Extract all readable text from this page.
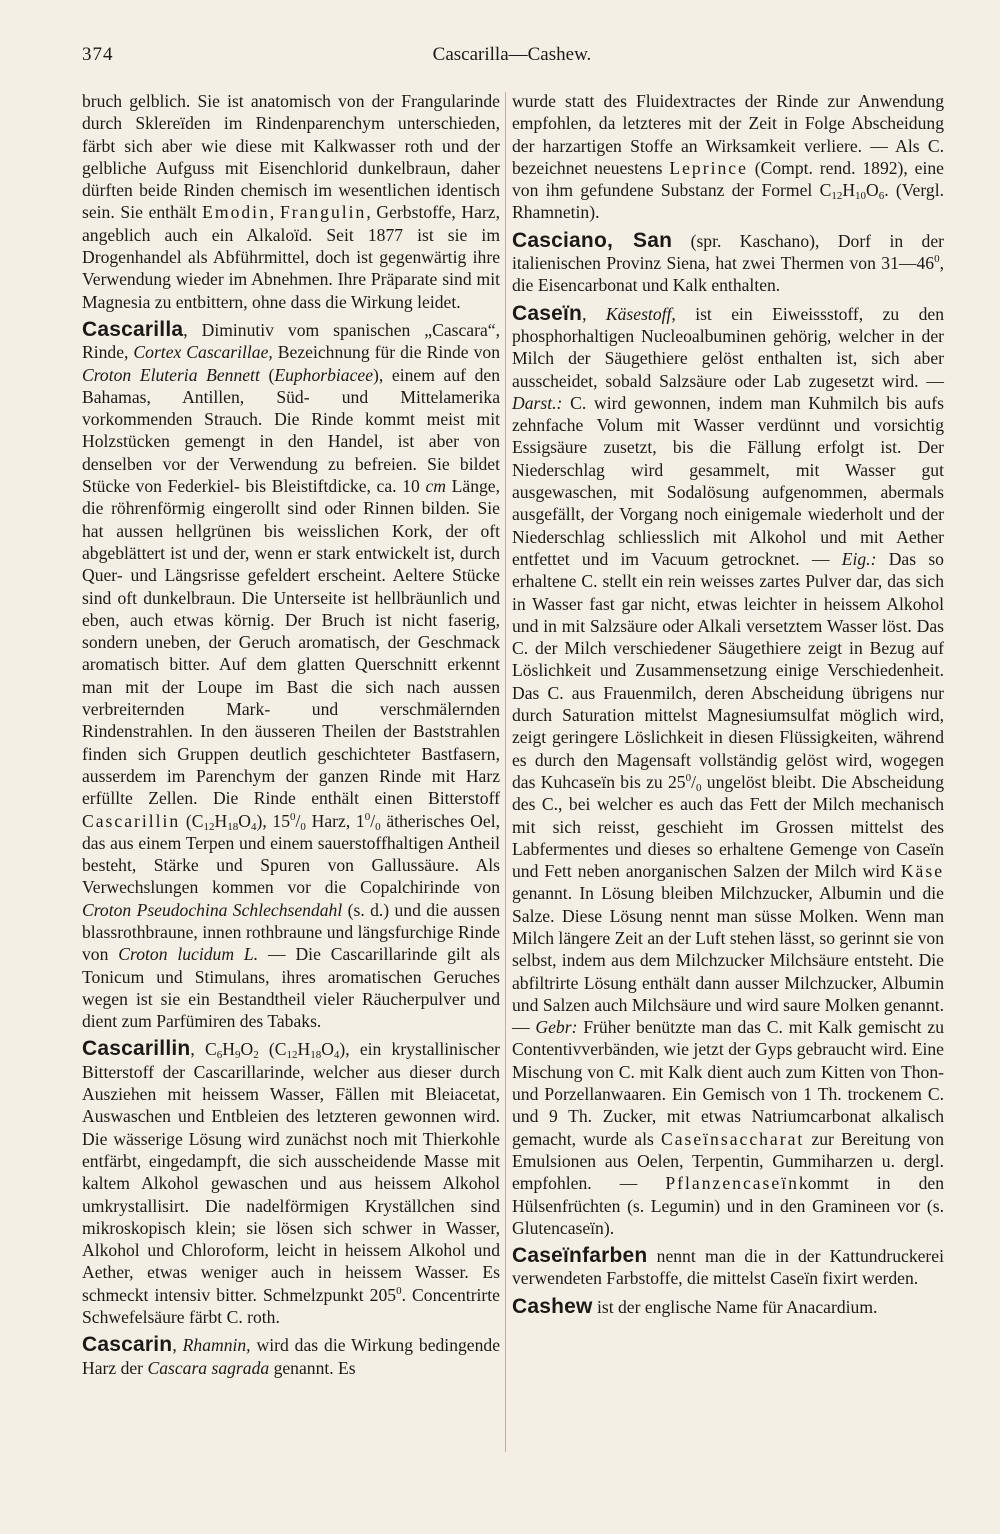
374	Cascarilla—Cashew.

bruch gelblich. Sie ist anatomisch von der Frangularinde durch Sklereïden im Rindenparenchym unterschieden, färbt sich aber wie diese mit Kalkwasser roth und der gelbliche Aufguss mit Eisenchlorid dunkelbraun, daher dürften beide Rinden chemisch im wesentlichen identisch sein. Sie enthält Emodin, Frangulin, Gerbstoffe, Harz, angeblich auch ein Alkaloïd. Seit 1877 ist sie im Drogenhandel als Abführmittel, doch ist gegenwärtig ihre Verwendung wieder im Abnehmen. Ihre Präparate sind mit Magnesia zu entbittern, ohne dass die Wirkung leidet.

Cascarilla, Diminutiv vom spanischen „Cascara“, Rinde, Cortex Cascarillae, Bezeichnung für die Rinde von Croton Eluteria Bennett (Euphorbiacee), einem auf den Bahamas, Antillen, Süd- und Mittelamerika vorkommenden Strauch. Die Rinde kommt meist mit Holzstücken gemengt in den Handel, ist aber von denselben vor der Verwendung zu befreien. Sie bildet Stücke von Federkiel- bis Bleistiftdicke, ca. 10 cm Länge, die röhrenförmig eingerollt sind oder Rinnen bilden. Sie hat aussen hellgrünen bis weisslichen Kork, der oft abgeblättert ist und der, wenn er stark entwickelt ist, durch Quer- und Längsrisse gefeldert erscheint. Aeltere Stücke sind oft dunkelbraun. Die Unterseite ist hellbräunlich und eben, auch etwas körnig. Der Bruch ist nicht faserig, sondern uneben, der Geruch aromatisch, der Geschmack aromatisch bitter. Auf dem glatten Querschnitt erkennt man mit der Loupe im Bast die sich nach aussen verbreiternden Mark- und verschmälernden Rindenstrahlen. In den äusseren Theilen der Baststrahlen finden sich Gruppen deutlich geschichteter Bastfasern, ausserdem im Parenchym der ganzen Rinde mit Harz erfüllte Zellen. Die Rinde enthält einen Bitterstoff Cascarillin $(C_{12}H_{18}O_4)$, $15^0/_0$ Harz, $1^0/_0$ ätherisches Oel, das aus einem Terpen und einem sauerstoffhaltigen Antheil besteht, Stärke und Spuren von Gallussäure. Als Verwechslungen kommen vor die Copalchirinde von Croton Pseudochina Schlechsendahl (s. d.) und die aussen blassrothbraune, innen rothbraune und längsfurchige Rinde von Croton lucidum L. — Die Cascarillarinde gilt als Tonicum und Stimulans, ihres aromatischen Geruches wegen ist sie ein Bestandtheil vieler Räucherpulver und dient zum Parfümiren des Tabaks.

Cascarillin, $C_6H_9O_2$ $(C_{12}H_{18}O_4)$, ein krystallinischer Bitterstoff der Cascarillarinde, welcher aus dieser durch Ausziehen mit heissem Wasser, Fällen mit Bleiacetat, Auswaschen und Entbleien des letzteren gewonnen wird. Die wässerige Lösung wird zunächst noch mit Thierkohle entfärbt, eingedampft, die sich ausscheidende Masse mit kaltem Alkohol gewaschen und aus heissem Alkohol umkrystallisirt. Die nadelförmigen Kryställchen sind mikroskopisch klein; sie lösen sich schwer in Wasser, Alkohol und Chloroform, leicht in heissem Alkohol und Aether, etwas weniger auch in heissem Wasser. Es schmeckt intensiv bitter. Schmelzpunkt $205^0$. Concentrirte Schwefelsäure färbt C. roth.

Cascarin, Rhamnin, wird das die Wirkung bedingende Harz der Cascara sagrada genannt. Es

wurde statt des Fluidextractes der Rinde zur Anwendung empfohlen, da letzteres mit der Zeit in Folge Abscheidung der harzartigen Stoffe an Wirksamkeit verliere. — Als C. bezeichnet neuestens Leprince (Compt. rend. 1892), eine von ihm gefundene Substanz der Formel $C_{12}H_{10}O_6$. (Vergl. Rhamnetin).

Casciano, San (spr. Kaschano), Dorf in der italienischen Provinz Siena, hat zwei Thermen von $31—46^0$, die Eisencarbonat und Kalk enthalten.

Caseïn, Käsestoff, ist ein Eiweissstoff, zu den phosphorhaltigen Nucleoalbuminen gehörig, welcher in der Milch der Säugethiere gelöst enthalten ist, sich aber ausscheidet, sobald Salzsäure oder Lab zugesetzt wird. — Darst.: C. wird gewonnen, indem man Kuhmilch bis aufs zehnfache Volum mit Wasser verdünnt und vorsichtig Essigsäure zusetzt, bis die Fällung erfolgt ist. Der Niederschlag wird gesammelt, mit Wasser gut ausgewaschen, mit Sodalösung aufgenommen, abermals ausgefällt, der Vorgang noch einigemale wiederholt und der Niederschlag schliesslich mit Alkohol und mit Aether entfettet und im Vacuum getrocknet. — Eig.: Das so erhaltene C. stellt ein rein weisses zartes Pulver dar, das sich in Wasser fast gar nicht, etwas leichter in heissem Alkohol und in mit Salzsäure oder Alkali versetztem Wasser löst. Das C. der Milch verschiedener Säugethiere zeigt in Bezug auf Löslichkeit und Zusammensetzung einige Verschiedenheit. Das C. aus Frauenmilch, deren Abscheidung übrigens nur durch Saturation mittelst Magnesiumsulfat möglich wird, zeigt geringere Löslichkeit in diesen Flüssigkeiten, während es durch den Magensaft vollständig gelöst wird, wogegen das Kuhcaseïn bis zu $25^0/_0$ ungelöst bleibt. Die Abscheidung des C., bei welcher es auch das Fett der Milch mechanisch mit sich reisst, geschieht im Grossen mittelst des Labfermentes und dieses so erhaltene Gemenge von Caseïn und Fett neben anorganischen Salzen der Milch wird Käse genannt. In Lösung bleiben Milchzucker, Albumin und die Salze. Diese Lösung nennt man süsse Molken. Wenn man Milch längere Zeit an der Luft stehen lässt, so gerinnt sie von selbst, indem aus dem Milchzucker Milchsäure entsteht. Die abfiltrirte Lösung enthält dann ausser Milchzucker, Albumin und Salzen auch Milchsäure und wird saure Molken genannt. — Gebr: Früher benützte man das C. mit Kalk gemischt zu Contentivverbänden, wie jetzt der Gyps gebraucht wird. Eine Mischung von C. mit Kalk dient auch zum Kitten von Thon- und Porzellanwaaren. Ein Gemisch von 1 Th. trockenem C. und 9 Th. Zucker, mit etwas Natriumcarbonat alkalisch gemacht, wurde als Caseïnsaccharat zur Bereitung von Emulsionen aus Oelen, Terpentin, Gummiharzen u. dergl. empfohlen. — Pflanzencaseïnkommt in den Hülsenfrüchten (s. Legumin) und in den Gramineen vor (s. Glutencaseïn).

Caseïnfarben nennt man die in der Kattundruckerei verwendeten Farbstoffe, die mittelst Caseïn fixirt werden.

Cashew ist der englische Name für Anacardium.
